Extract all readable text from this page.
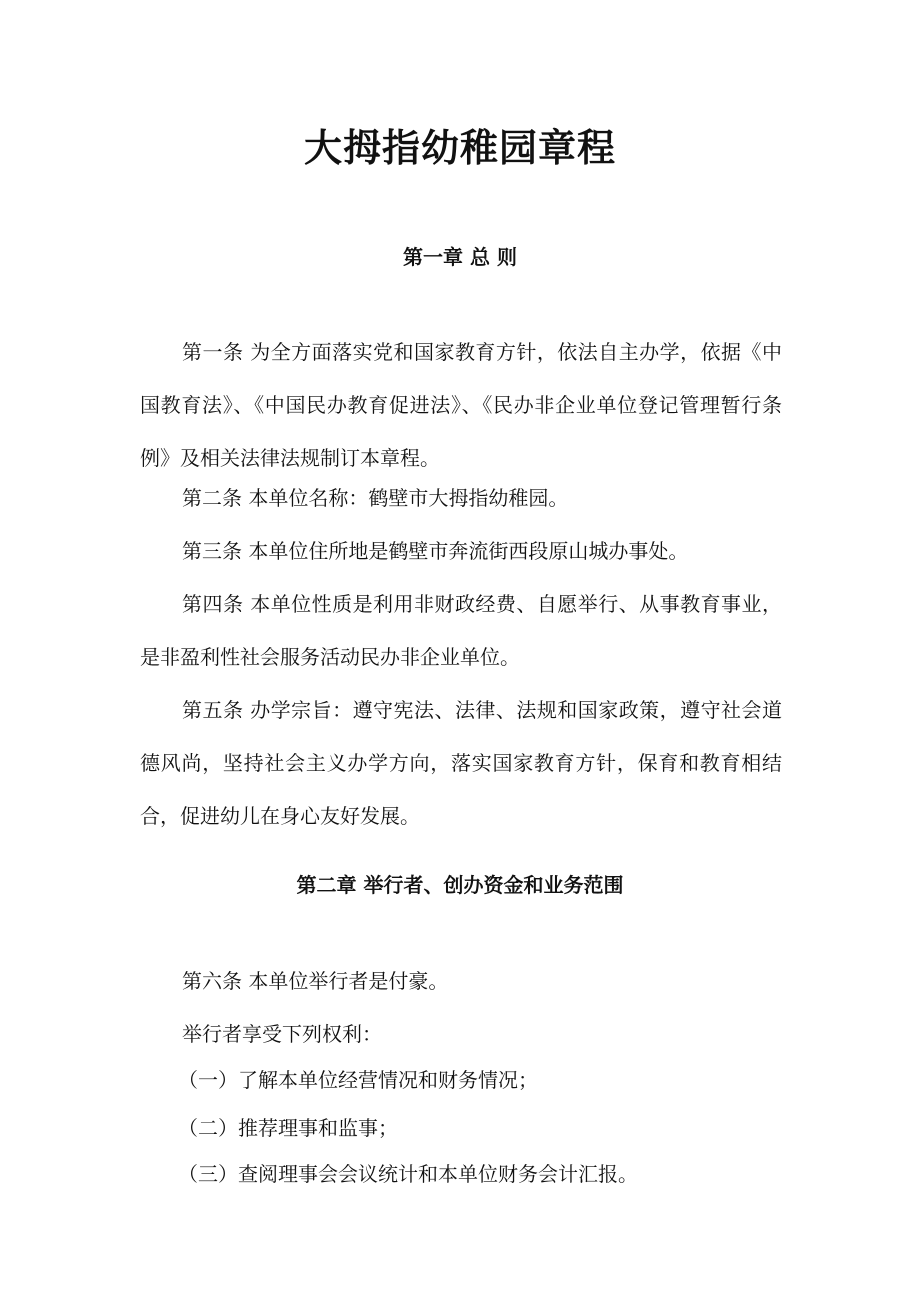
大拇指幼稚园章程
第一章 总 则
第一条 为全方面落实党和国家教育方针，依法自主办学，依据《中国教育法》、《中国民办教育促进法》、《民办非企业单位登记管理暂行条例》及相关法律法规制订本章程。
第二条 本单位名称：鹤壁市大拇指幼稚园。
第三条 本单位住所地是鹤壁市奔流街西段原山城办事处。
第四条 本单位性质是利用非财政经费、自愿举行、从事教育事业，是非盈利性社会服务活动民办非企业单位。
第五条 办学宗旨：遵守宪法、法律、法规和国家政策，遵守社会道德风尚，坚持社会主义办学方向，落实国家教育方针，保育和教育相结合，促进幼儿在身心友好发展。
第二章 举行者、创办资金和业务范围
第六条 本单位举行者是付豪。
举行者享受下列权利：
（一）了解本单位经营情况和财务情况；
（二）推荐理事和监事；
（三）查阅理事会会议统计和本单位财务会计汇报。
